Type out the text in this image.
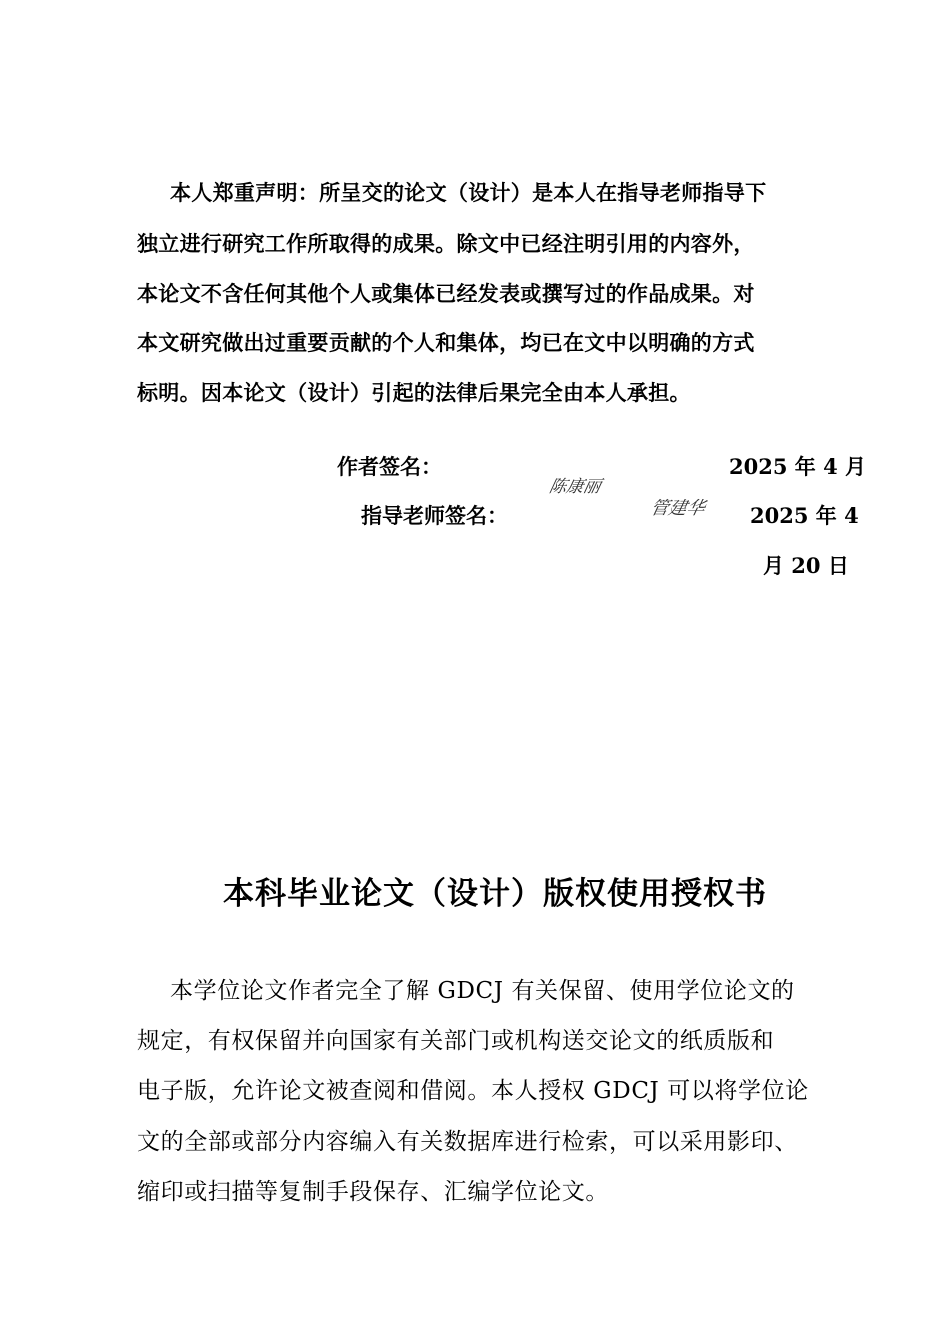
本人郑重声明：所呈交的论文（设计）是本人在指导老师指导下
独立进行研究工作所取得的成果。除文中已经注明引用的内容外，
本论文不含任何其他个人或集体已经发表或撰写过的作品成果。对
本文研究做出过重要贡献的个人和集体，均已在文中以明确的方式
标明。因本论文（设计）引起的法律后果完全由本人承担。
作者签名：
陈康丽
2025 年 4 月
指导老师签名：	管建华 2025 年 4
月 20 日
本科毕业论文（设计）版权使用授权书
本学位论文作者完全了解 GDCJ 有关保留、使用学位论文的
规定，有权保留并向国家有关部门或机构送交论文的纸质版和
电子版，允许论文被查阅和借阅。本人授权 GDCJ 可以将学位论
文的全部或部分内容编入有关数据库进行检索，可以采用影印、
缩印或扫描等复制手段保存、汇编学位论文。
